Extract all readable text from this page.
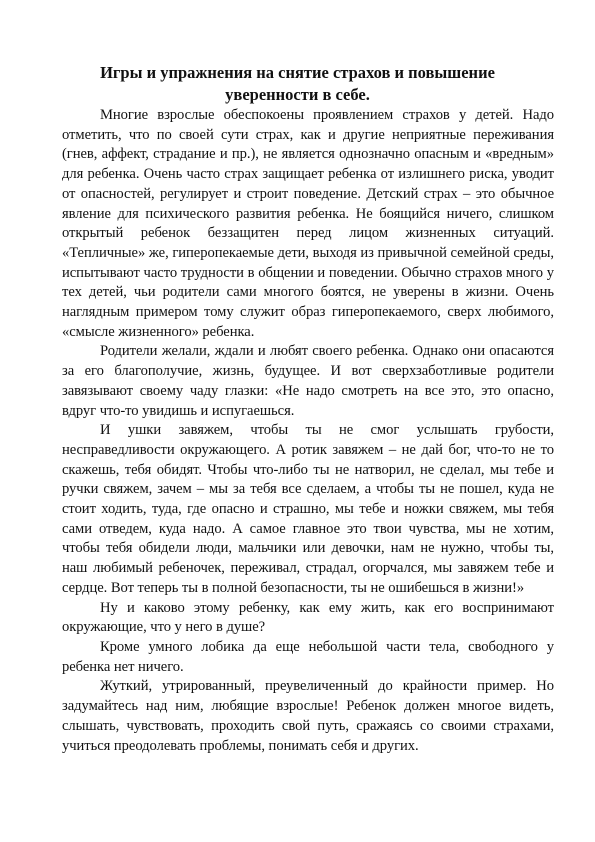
Игры и упражнения на снятие страхов и повышение уверенности в себе.

Многие взрослые обеспокоены проявлением страхов у детей. Надо отметить, что по своей сути страх, как и другие неприятные переживания (гнев, аффект, страдание и пр.), не является однозначно опасным и «вредным» для ребенка. Очень часто страх защищает ребенка от излишнего риска, уводит от опасностей, регулирует и строит поведение. Детский страх – это обычное явление для психического развития ребенка. Не боящийся ничего, слишком открытый ребенок беззащитен перед лицом жизненных ситуаций. «Тепличные» же, гиперопекаемые дети, выходя из привычной семейной среды, испытывают часто трудности в общении и поведении. Обычно страхов много у тех детей, чьи родители сами многого боятся, не уверены в жизни. Очень наглядным примером тому служит образ гиперопекаемого, сверх любимого, «смысле жизненного» ребенка.

Родители желали, ждали и любят своего ребенка. Однако они опасаются за его благополучие, жизнь, будущее. И вот сверхзаботливые родители завязывают своему чаду глазки: «Не надо смотреть на все это, это опасно, вдруг что-то увидишь и испугаешься.

И ушки завяжем, чтобы ты не смог услышать грубости, несправедливости окружающего. А ротик завяжем – не дай бог, что-то не то скажешь, тебя обидят. Чтобы что-либо ты не натворил, не сделал, мы тебе и ручки свяжем, зачем – мы за тебя все сделаем, а чтобы ты не пошел, куда не стоит ходить, туда, где опасно и страшно, мы тебе и ножки свяжем, мы тебя сами отведем, куда надо. А самое главное это твои чувства, мы не хотим, чтобы тебя обидели люди, мальчики или девочки, нам не нужно, чтобы ты, наш любимый ребеночек, переживал, страдал, огорчался, мы завяжем тебе и сердце. Вот теперь ты в полной безопасности, ты не ошибешься в жизни!»

Ну и каково этому ребенку, как ему жить, как его воспринимают окружающие, что у него в душе?

Кроме умного лобика да еще небольшой части тела, свободного у ребенка нет ничего.

Жуткий, утрированный, преувеличенный до крайности пример. Но задумайтесь над ним, любящие взрослые! Ребенок должен многое видеть, слышать, чувствовать, проходить свой путь, сражаясь со своими страхами, учиться преодолевать проблемы, понимать себя и других.
